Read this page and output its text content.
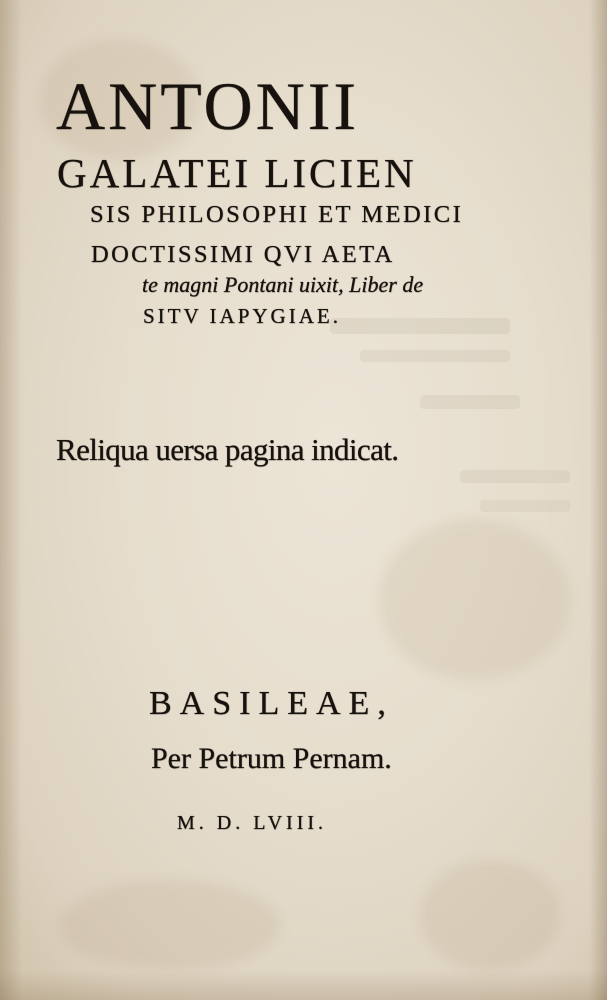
ANTONII
GALATEI LICIEN
SIS PHILOSOPHI ET MEDICI
DOCTISSIMI QVI AETA
te magni Pontani uixit, Liber de
SITV IAPYGIAE.
Reliqua uersa pagina indicat.
BASILEAE,
Per Petrum Pernam.
M. D. LVIII.
